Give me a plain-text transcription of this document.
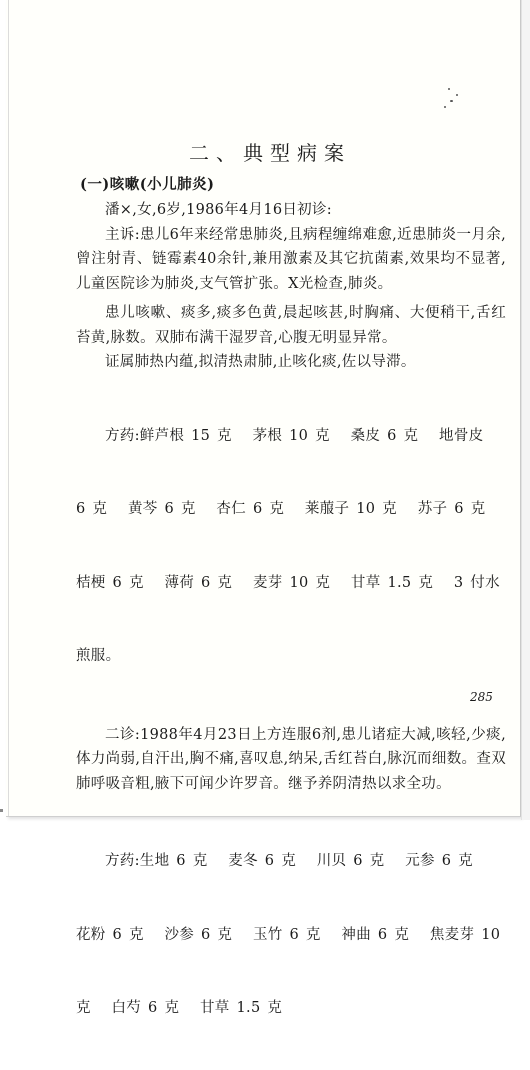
二、典型病案
(一)咳嗽(小儿肺炎)

潘×,女,6岁,1986年4月16日初诊:

主诉:患儿6年来经常患肺炎,且病程缠绵难愈,近患肺炎一月余,曾注射青、链霉素40余针,兼用激素及其它抗菌素,效果均不显著,儿童医院诊为肺炎,支气管扩张。X光检查,肺炎。

患儿咳嗽、痰多,痰多色黄,晨起咳甚,时胸痛、大便稍干,舌红苔黄,脉数。双肺布满干湿罗音,心腹无明显异常。

证属肺热内蕴,拟清热肃肺,止咳化痰,佐以导滞。

方药:鲜芦根 15 克   茅根 10 克   桑皮 6 克   地骨皮

6 克   黄芩 6 克   杏仁 6 克   莱菔子 10 克   苏子 6 克

桔梗 6 克   薄荷 6 克   麦芽 10 克   甘草 1.5 克   3 付水

煎服。

二诊:1988年4月23日上方连服6剂,患儿诸症大减,咳轻,少痰,体力尚弱,自汗出,胸不痛,喜叹息,纳呆,舌红苔白,脉沉而细数。查双肺呼吸音粗,腋下可闻少许罗音。继予养阴清热以求全功。

方药:生地 6 克   麦冬 6 克   川贝 6 克   元参 6 克

花粉 6 克   沙参 6 克   玉竹 6 克   神曲 6 克   焦麦芽 10

克   白芍 6 克   甘草 1.5 克

285
